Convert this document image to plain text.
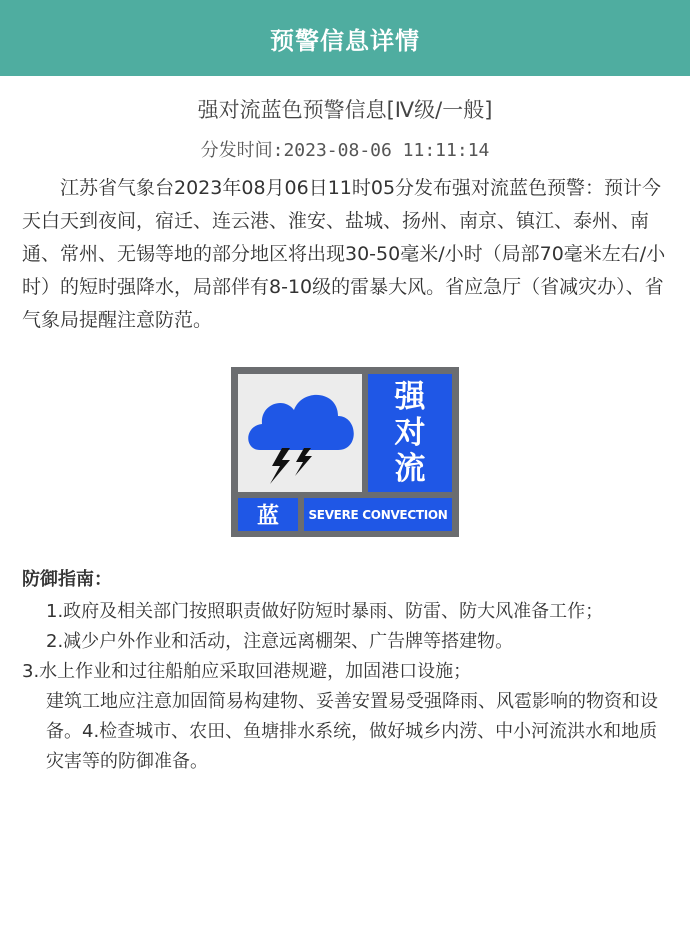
预警信息详情
强对流蓝色预警信息[Ⅳ级/一般]
分发时间:2023-08-06 11:11:14
江苏省气象台2023年08月06日11时05分发布强对流蓝色预警：预计今天白天到夜间，宿迁、连云港、淮安、盐城、扬州、南京、镇江、泰州、南通、常州、无锡等地的部分地区将出现30-50毫米/小时（局部70毫米左右/小时）的短时强降水，局部伴有8-10级的雷暴大风。省应急厅（省减灾办）、省气象局提醒注意防范。
强
对
流
蓝	SEVERE CONVECTION
防御指南：
1.政府及相关部门按照职责做好防短时暴雨、防雷、防大风准备工作；
2.减少户外作业和活动，注意远离棚架、广告牌等搭建物。
3.水上作业和过往船舶应采取回港规避，加固港口设施；
建筑工地应注意加固简易构建物、妥善安置易受强降雨、风雹影响的物资和设备。4.检查城市、农田、鱼塘排水系统，做好城乡内涝、中小河流洪水和地质灾害等的防御准备。
